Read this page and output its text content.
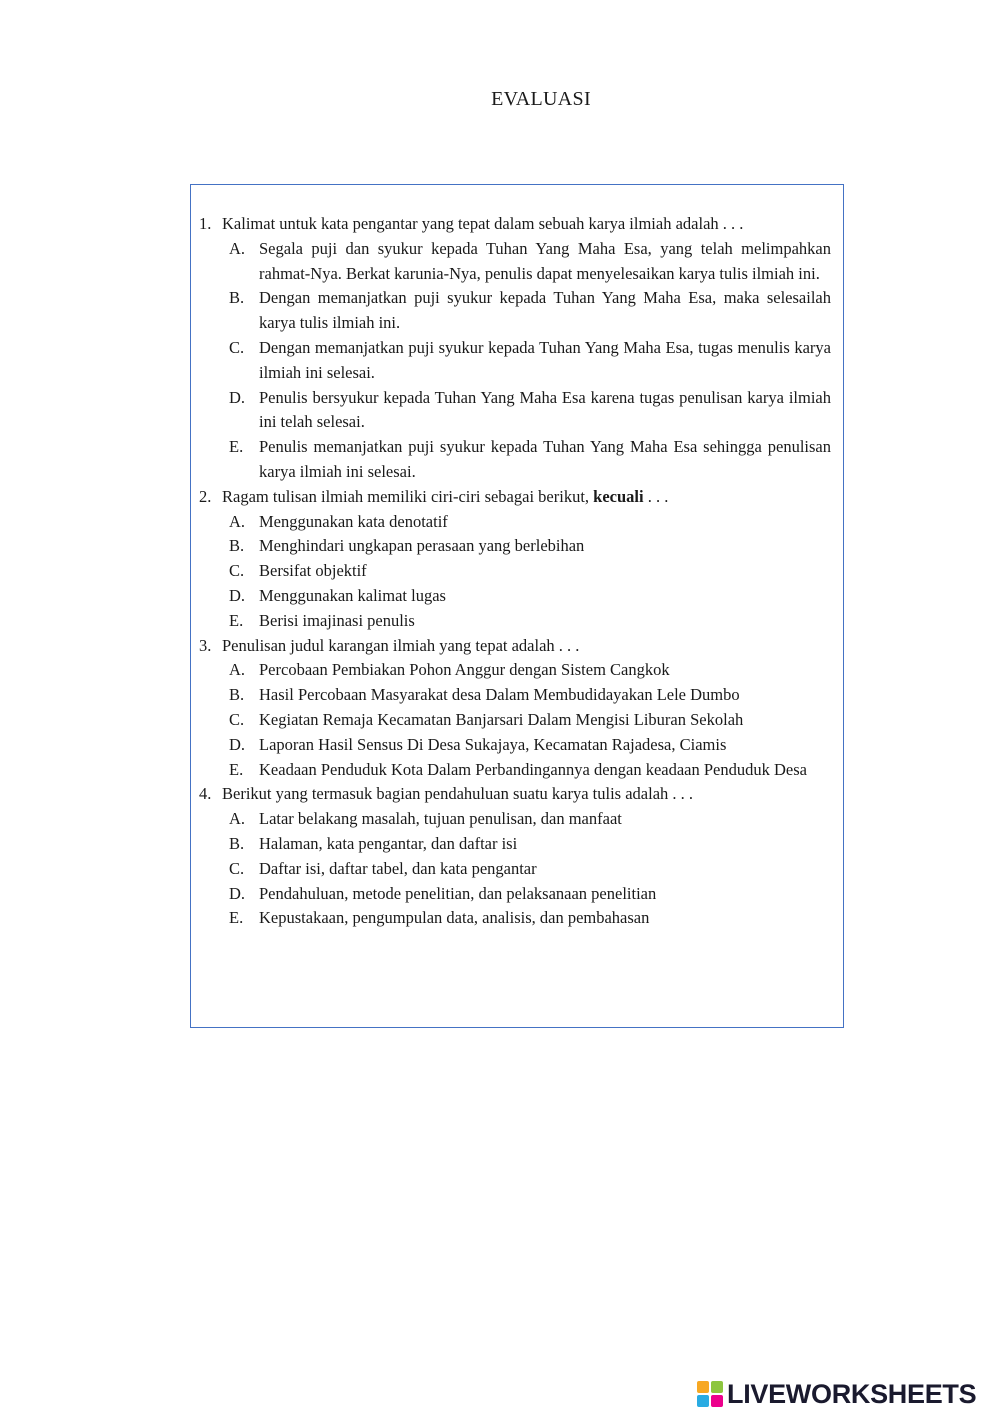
EVALUASI
1. Kalimat untuk kata pengantar yang tepat dalam sebuah karya ilmiah adalah . . .
A. Segala puji dan syukur kepada Tuhan Yang Maha Esa, yang telah melimpahkan rahmat-Nya. Berkat karunia-Nya, penulis dapat menyelesaikan karya tulis ilmiah ini.
B. Dengan memanjatkan puji syukur kepada Tuhan Yang Maha Esa, maka selesailah karya tulis ilmiah ini.
C. Dengan memanjatkan puji syukur kepada Tuhan Yang Maha Esa, tugas menulis karya ilmiah ini selesai.
D. Penulis bersyukur kepada Tuhan Yang Maha Esa karena tugas penulisan karya ilmiah ini telah selesai.
E. Penulis memanjatkan puji syukur kepada Tuhan Yang Maha Esa sehingga penulisan karya ilmiah ini selesai.
2. Ragam tulisan ilmiah memiliki ciri-ciri sebagai berikut, kecuali . . .
A. Menggunakan kata denotatif
B. Menghindari ungkapan perasaan yang berlebihan
C. Bersifat objektif
D. Menggunakan kalimat lugas
E. Berisi imajinasi penulis
3. Penulisan judul karangan ilmiah yang tepat adalah . . .
A. Percobaan Pembiakan Pohon Anggur dengan Sistem Cangkok
B. Hasil Percobaan Masyarakat desa Dalam Membudidayakan Lele Dumbo
C. Kegiatan Remaja Kecamatan Banjarsari Dalam Mengisi Liburan Sekolah
D. Laporan Hasil Sensus Di Desa Sukajaya, Kecamatan Rajadesa, Ciamis
E. Keadaan Penduduk Kota Dalam Perbandingannya dengan keadaan Penduduk Desa
4. Berikut yang termasuk bagian pendahuluan suatu karya tulis adalah . . .
A. Latar belakang masalah, tujuan penulisan, dan manfaat
B. Halaman, kata pengantar, dan daftar isi
C. Daftar isi, daftar tabel, dan kata pengantar
D. Pendahuluan, metode penelitian, dan pelaksanaan penelitian
E. Kepustakaan, pengumpulan data, analisis, dan pembahasan
LIVEWORKSHEETS
